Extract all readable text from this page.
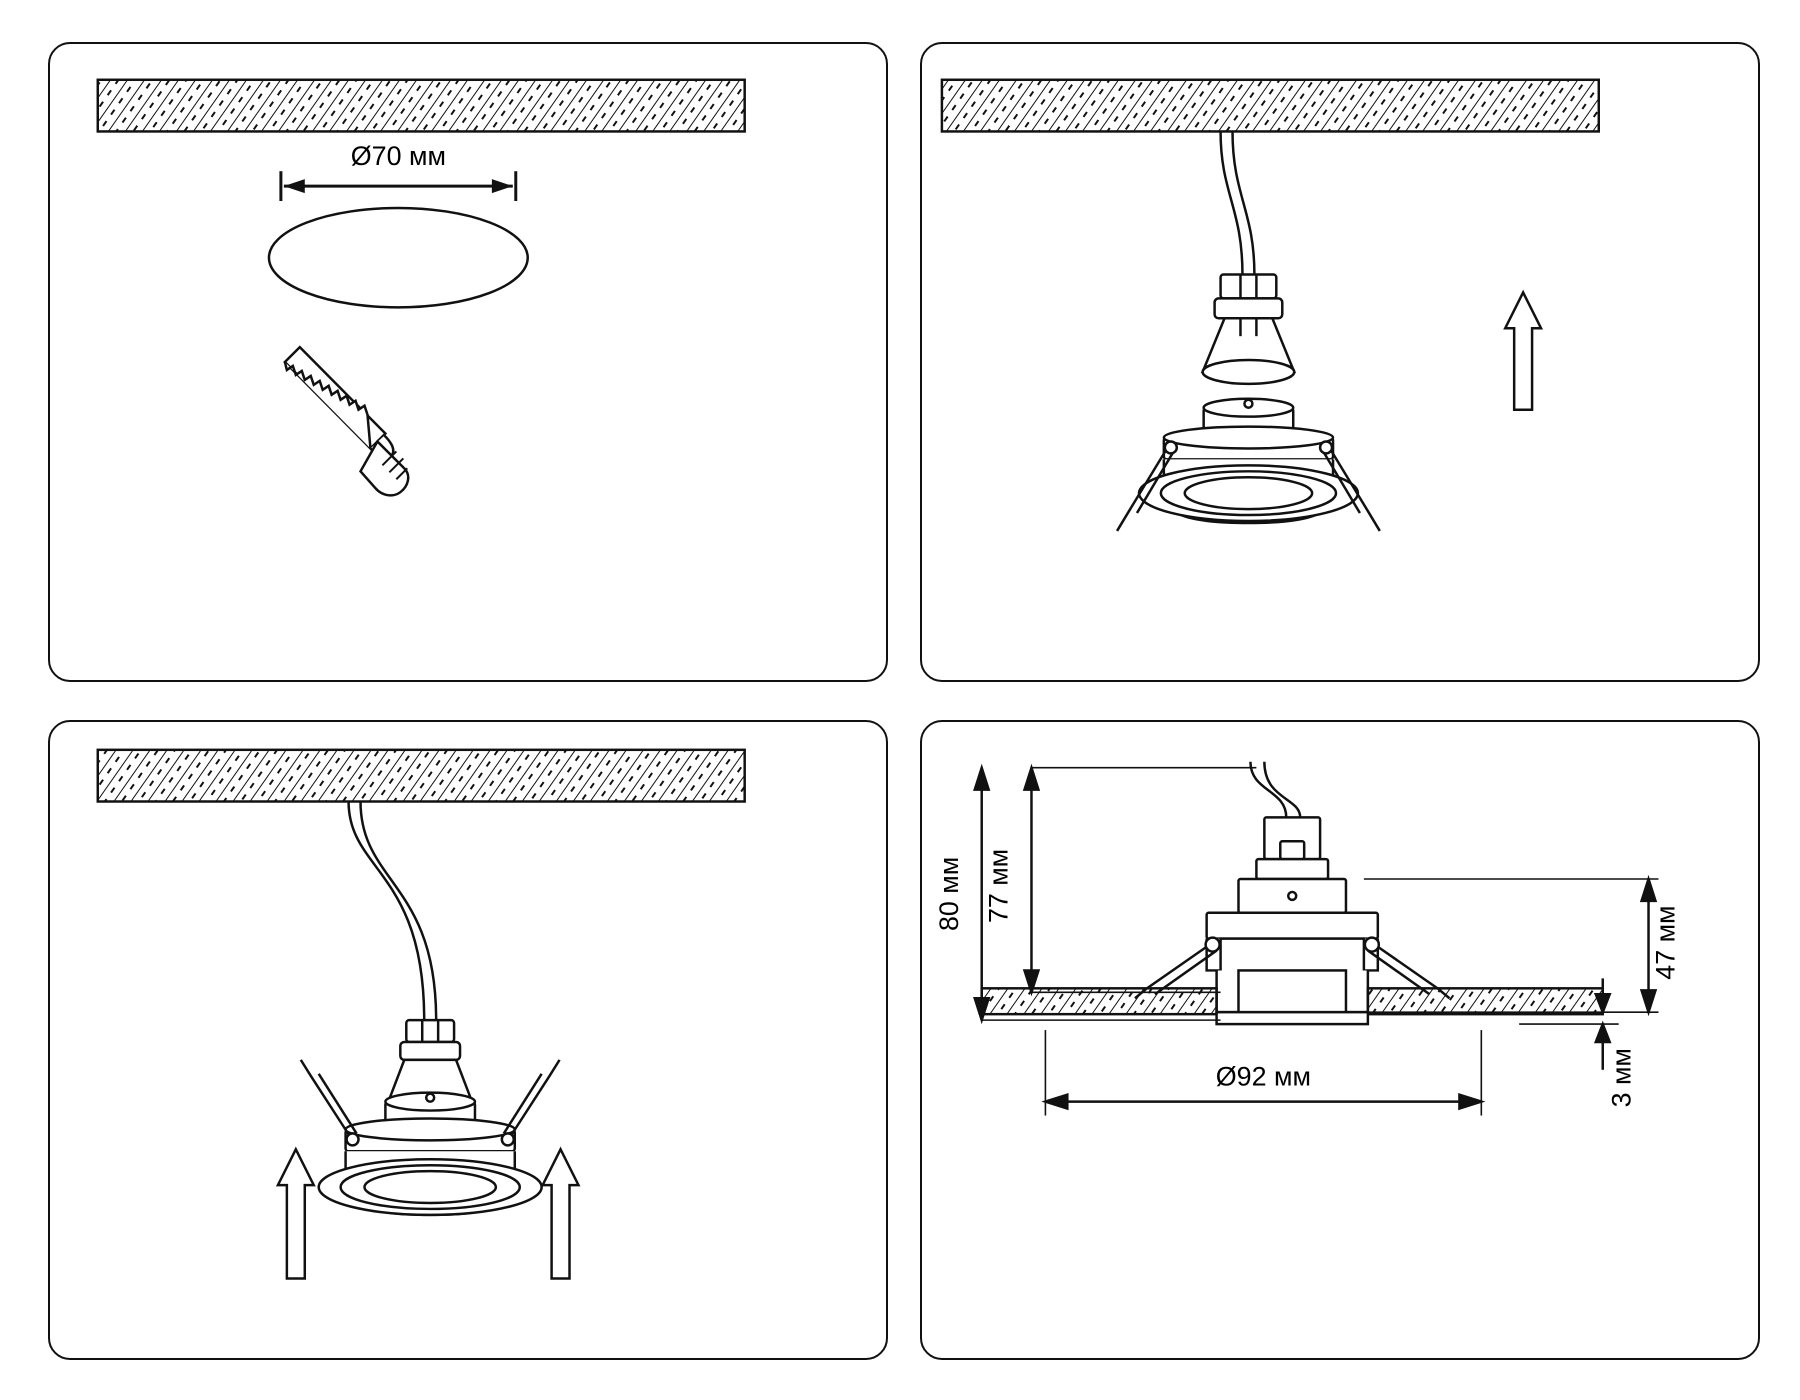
Ø70 мм
80 мм 77 мм
47 мм
3 мм
Ø92 мм
